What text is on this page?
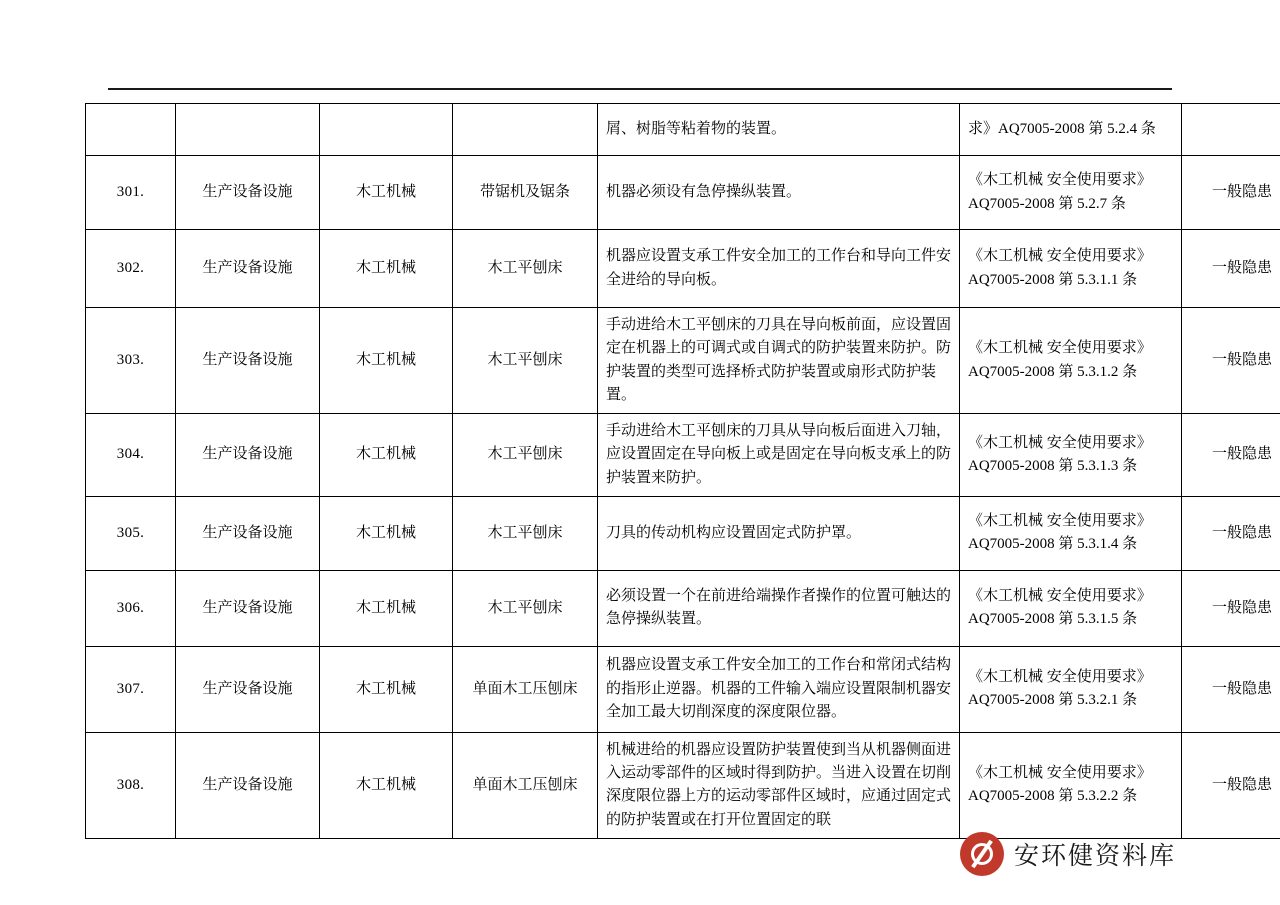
				屑、树脂等粘着物的装置。	求》AQ7005-2008 第 5.2.4 条	
301.	生产设备设施	木工机械	带锯机及锯条	机器必须设有急停操纵装置。	《木工机械 安全使用要求》AQ7005-2008 第 5.2.7 条	一般隐患
302.	生产设备设施	木工机械	木工平刨床	机器应设置支承工件安全加工的工作台和导向工件安全进给的导向板。	《木工机械 安全使用要求》AQ7005-2008 第 5.3.1.1 条	一般隐患
303.	生产设备设施	木工机械	木工平刨床	手动进给木工平刨床的刀具在导向板前面，应设置固定在机器上的可调式或自调式的防护装置来防护。防护装置的类型可选择桥式防护装置或扇形式防护装置。	《木工机械 安全使用要求》AQ7005-2008 第 5.3.1.2 条	一般隐患
304.	生产设备设施	木工机械	木工平刨床	手动进给木工平刨床的刀具从导向板后面进入刀轴，应设置固定在导向板上或是固定在导向板支承上的防护装置来防护。	《木工机械 安全使用要求》AQ7005-2008 第 5.3.1.3 条	一般隐患
305.	生产设备设施	木工机械	木工平刨床	刀具的传动机构应设置固定式防护罩。	《木工机械 安全使用要求》AQ7005-2008 第 5.3.1.4 条	一般隐患
306.	生产设备设施	木工机械	木工平刨床	必须设置一个在前进给端操作者操作的位置可触达的急停操纵装置。	《木工机械 安全使用要求》AQ7005-2008 第 5.3.1.5 条	一般隐患
307.	生产设备设施	木工机械	单面木工压刨床	机器应设置支承工件安全加工的工作台和常闭式结构的指形止逆器。机器的工件输入端应设置限制机器安全加工最大切削深度的深度限位器。	《木工机械 安全使用要求》AQ7005-2008 第 5.3.2.1 条	一般隐患
308.	生产设备设施	木工机械	单面木工压刨床	机械进给的机器应设置防护装置使到当从机器侧面进入运动零部件的区域时得到防护。当进入设置在切削深度限位器上方的运动零部件区域时，应通过固定式的防护装置或在打开位置固定的联	《木工机械 安全使用要求》AQ7005-2008 第 5.3.2.2 条	一般隐患
安环健资料库
